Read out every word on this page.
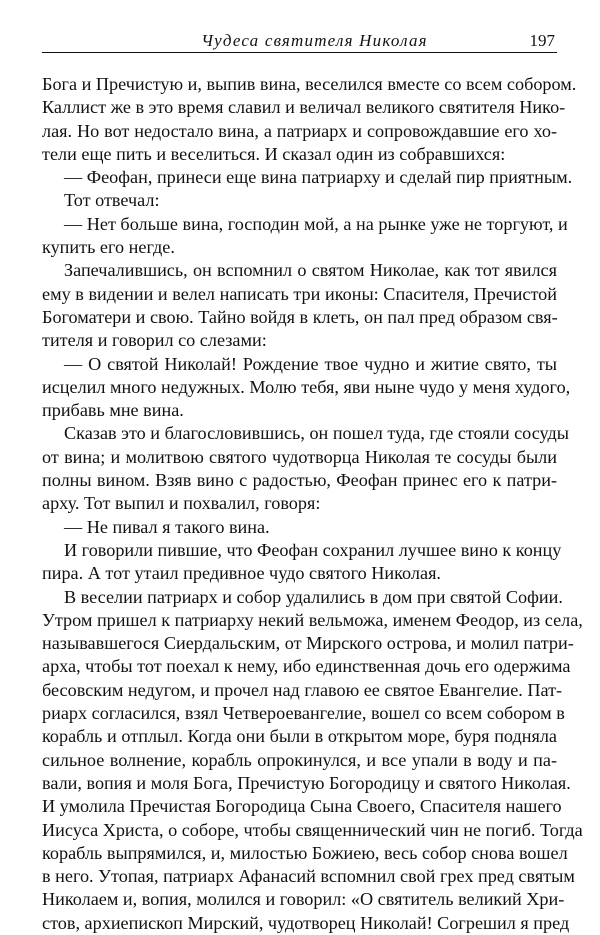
Чудеса святителя Николая	197
Бога и Пречистую и, выпив вина, веселился вместе со всем собором.
Каллист же в это время славил и величал великого святителя Нико-
лая. Но вот недостало вина, а патриарх и сопровождавшие его хо-
тели еще пить и веселиться. И сказал один из собравшихся:
— Феофан, принеси еще вина патриарху и сделай пир приятным.
Тот отвечал:
— Нет больше вина, господин мой, а на рынке уже не торгуют, и
купить его негде.
Запечалившись, он вспомнил о святом Николае, как тот явился
ему в видении и велел написать три иконы: Спасителя, Пречистой
Богоматери и свою. Тайно войдя в клеть, он пал пред образом свя-
тителя и говорил со слезами:
— О святой Николай! Рождение твое чудно и житие свято, ты
исцелил много недужных. Молю тебя, яви ныне чудо у меня худого,
прибавь мне вина.
Сказав это и благословившись, он пошел туда, где стояли сосуды
от вина; и молитвою святого чудотворца Николая те сосуды были
полны вином. Взяв вино с радостью, Феофан принес его к патри-
арху. Тот выпил и похвалил, говоря:
— Не пивал я такого вина.
И говорили пившие, что Феофан сохранил лучшее вино к концу
пира. А тот утаил предивное чудо святого Николая.
В веселии патриарх и собор удалились в дом при святой Софии.
Утром пришел к патриарху некий вельможа, именем Феодор, из села,
называвшегося Сиердальским, от Мирского острова, и молил патри-
арха, чтобы тот поехал к нему, ибо единственная дочь его одержима
бесовским недугом, и прочел над главою ее святое Евангелие. Пат-
риарх согласился, взял Четвероевангелие, вошел со всем собором в
корабль и отплыл. Когда они были в открытом море, буря подняла
сильное волнение, корабль опрокинулся, и все упали в воду и па-
вали, вопия и моля Бога, Пречистую Богородицу и святого Николая.
И умолила Пречистая Богородица Сына Своего, Спасителя нашего
Иисуса Христа, о соборе, чтобы священнический чин не погиб. Тогда
корабль выпрямился, и, милостью Божиею, весь собор снова вошел
в него. Утопая, патриарх Афанасий вспомнил свой грех пред святым
Николаем и, вопия, молился и говорил: «О святитель великий Хри-
стов, архиепископ Мирский, чудотворец Николай! Согрешил я пред
